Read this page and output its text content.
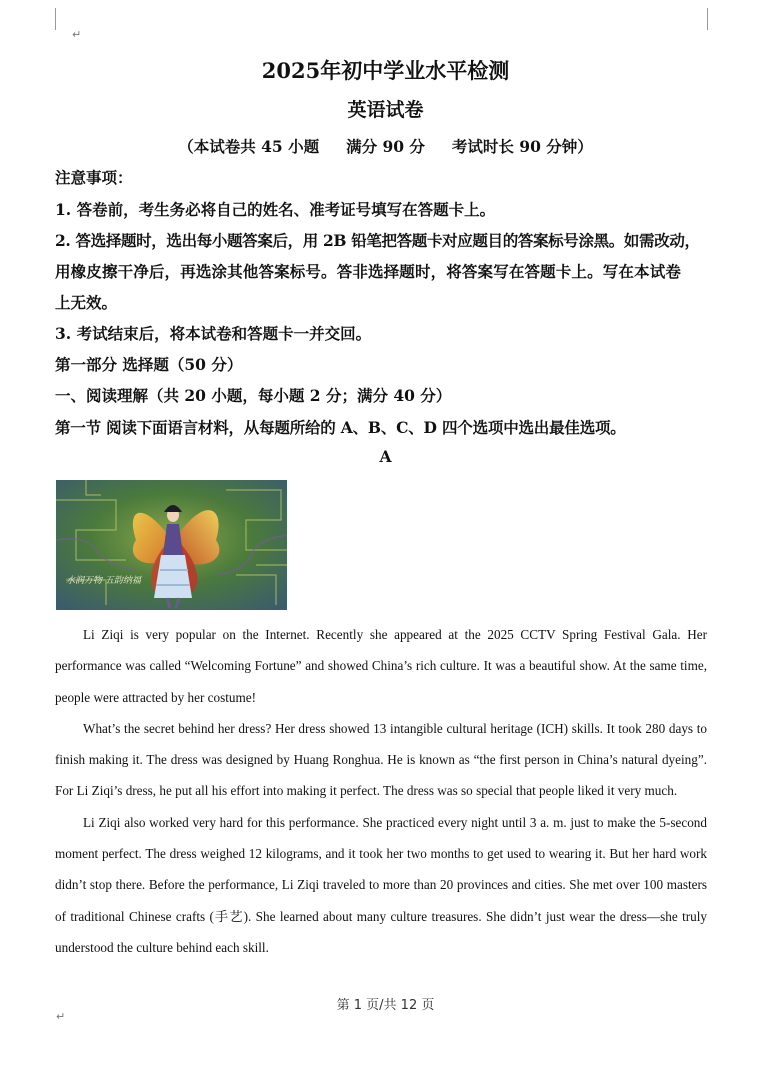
↵
2025年初中学业水平检测
英语试卷
（本试卷共 45 小题     满分 90 分     考试时长 90 分钟）
注意事项：
1. 答卷前，考生务必将自己的姓名、准考证号填写在答题卡上。
2. 答选择题时，选出每小题答案后，用 2B 铅笔把答题卡对应题目的答案标号涂黑。如需改动，
用橡皮擦干净后，再选涂其他答案标号。答非选择题时，将答案写在答题卡上。写在本试卷
上无效。
3. 考试结束后，将本试卷和答题卡一并交回。
第一部分 选择题（50 分）
一、阅读理解（共 20 小题，每小题 2 分；满分 40 分）
第一节 阅读下面语言材料，从每题所给的 A、B、C、D 四个选项中选出最佳选项。
A
水润万物 五韵纳福

Li Ziqi is very popular on the Internet. Recently she appeared at the 2025 CCTV Spring Festival Gala. Her performance was called “Welcoming Fortune” and showed China’s rich culture. It was a beautiful show. At the same time, people were attracted by her costume!

What’s the secret behind her dress? Her dress showed 13 intangible cultural heritage (ICH) skills. It took 280 days to finish making it. The dress was designed by Huang Ronghua. He is known as “the first person in China’s natural dyeing”. For Li Ziqi’s dress, he put all his effort into making it perfect. The dress was so special that people liked it very much.

Li Ziqi also worked very hard for this performance. She practiced every night until 3 a. m. just to make the 5-second moment perfect. The dress weighed 12 kilograms, and it took her two months to get used to wearing it. But her hard work didn’t stop there. Before the performance, Li Ziqi traveled to more than 20 provinces and cities. She met over 100 masters of traditional Chinese crafts (手艺). She learned about many culture treasures. She didn’t just wear the dress—she truly understood the culture behind each skill.

第 1 页/共 12 页
↵
